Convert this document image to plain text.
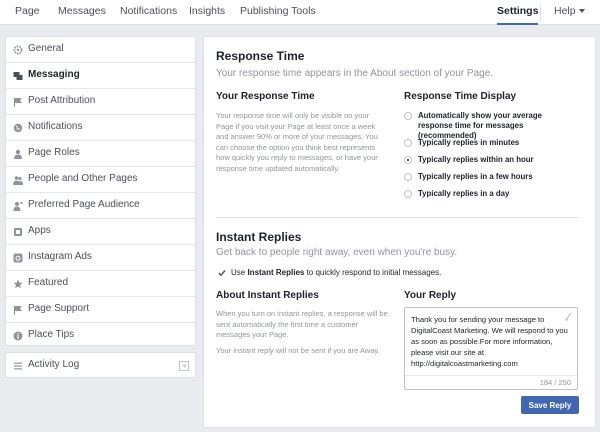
Page Messages Notifications Insights Publishing Tools	Settings Help
General
Messaging
Post Attribution
Notifications
Page Roles
People and Other Pages
Preferred Page Audience
Apps
Instagram Ads
Featured
Page Support
Place Tips
Activity Log
Response Time
Your response time appears in the About section of your Page.
Your Response Time
Your response time will only be visible on your Page if you visit your Page at least once a week and answer 90% or more of your messages. You can choose the option you think best represents how quickly you reply to messages, or have your response time updated automatically.
Response Time Display
Automatically show your average response time for messages (recommended)
Typically replies in minutes
Typically replies within an hour
Typically replies in a few hours
Typically replies in a day
Instant Replies
Get back to people right away, even when you're busy.
Use Instant Replies to quickly respond to initial messages.
About Instant Replies
When you turn on instant replies, a response will be sent automatically the first time a customer messages your Page.
Your instant reply will not be sent if you are Away.
Your Reply
Thank you for sending your message to DigitalCoast Marketing. We will respond to you as soon as possible.For more information, please visit our site at http://digitalcoastmarketing.com
184 / 250
Save Reply
